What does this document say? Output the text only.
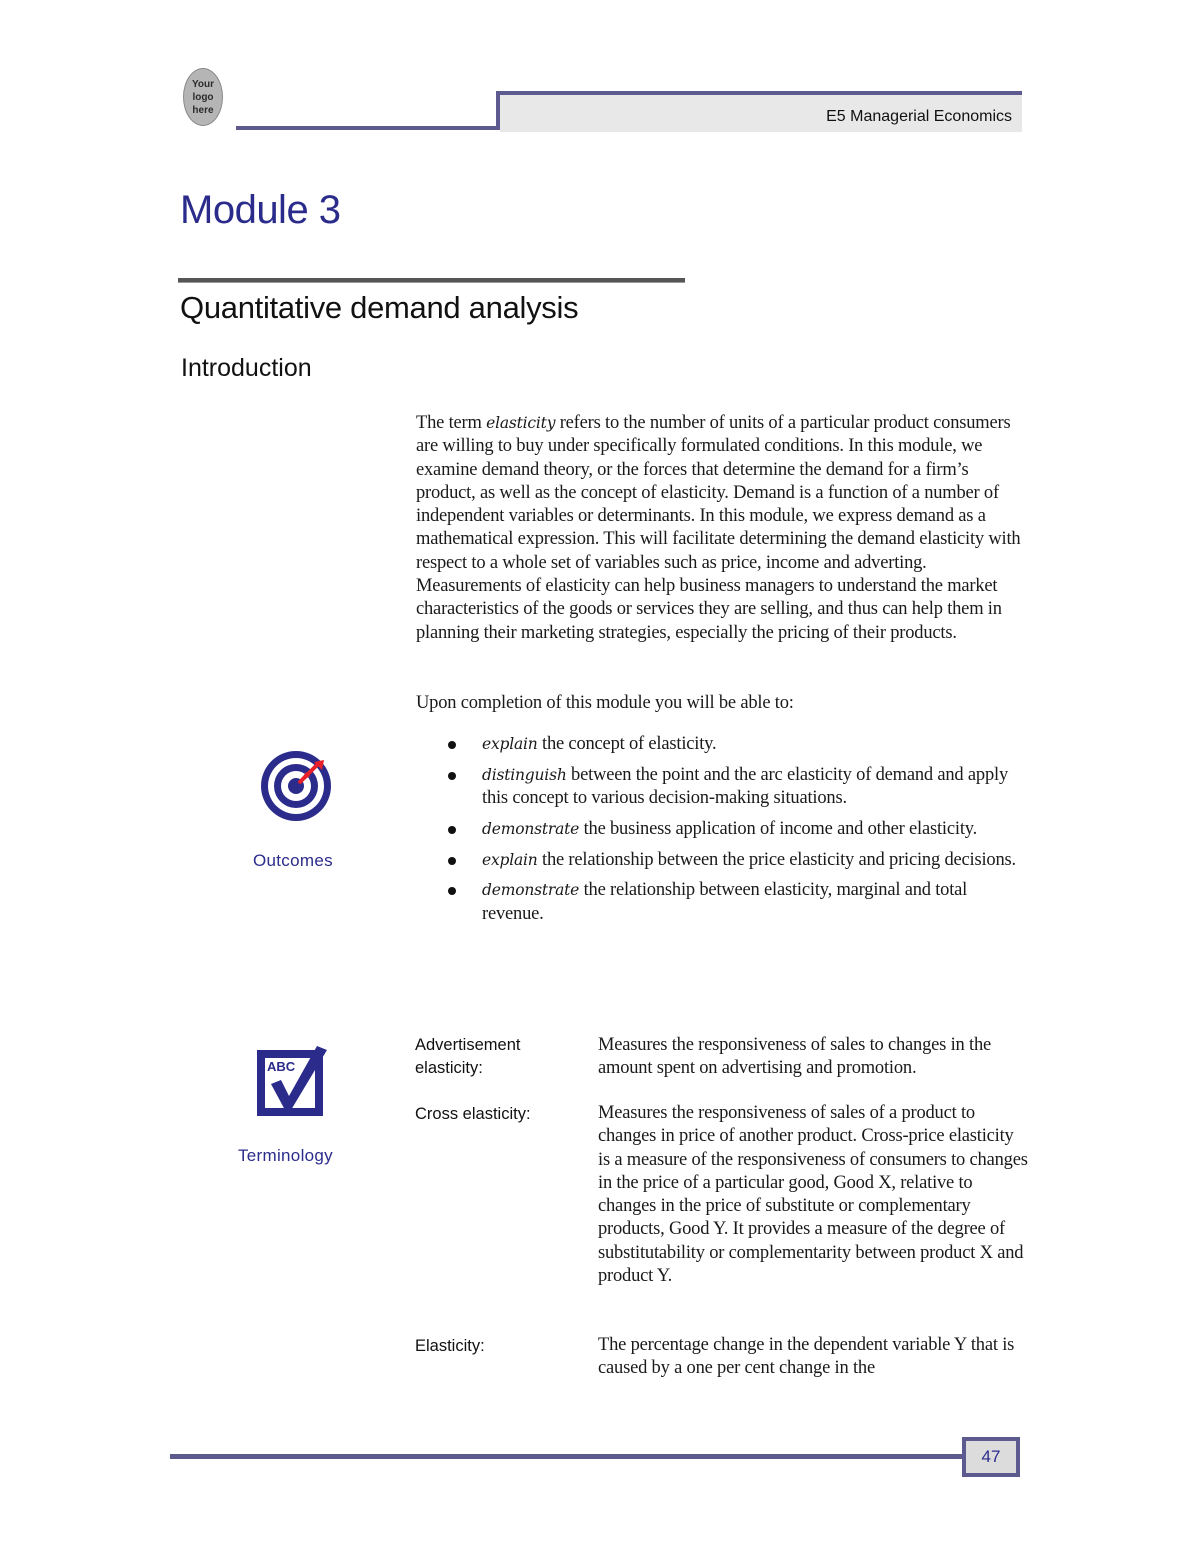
Your
logo
here	E5 Managerial Economics
Module 3
Quantitative demand analysis
Introduction

The term elasticity refers to the number of units of a particular product consumers are willing to buy under specifically formulated conditions. In this module, we examine demand theory, or the forces that determine the demand for a firm’s product, as well as the concept of elasticity. Demand is a function of a number of independent variables or determinants. In this module, we express demand as a mathematical expression. This will facilitate determining the demand elasticity with respect to a whole set of variables such as price, income and adverting. Measurements of elasticity can help business managers to understand the market characteristics of the goods or services they are selling, and thus can help them in planning their marketing strategies, especially the pricing of their products.

Upon completion of this module you will be able to:
explain the concept of elasticity.
distinguish between the point and the arc elasticity of demand and apply this concept to various decision-making situations.
demonstrate the business application of income and other elasticity.
explain the relationship between the price elasticity and pricing decisions.
demonstrate the relationship between elasticity, marginal and total revenue.
Outcomes
ABC
Terminology
Advertisement elasticity:
Measures the responsiveness of sales to changes in the amount spent on advertising and promotion.
Cross elasticity:	Measures the responsiveness of sales of a product to changes in price of another product. Cross-price elasticity is a measure of the responsiveness of consumers to changes in the price of a particular good, Good X, relative to changes in the price of substitute or complementary products, Good Y. It provides a measure of the degree of substitutability or complementarity between product X and product Y.
Elasticity:	The percentage change in the dependent variable Y that is caused by a one per cent change in the
47
